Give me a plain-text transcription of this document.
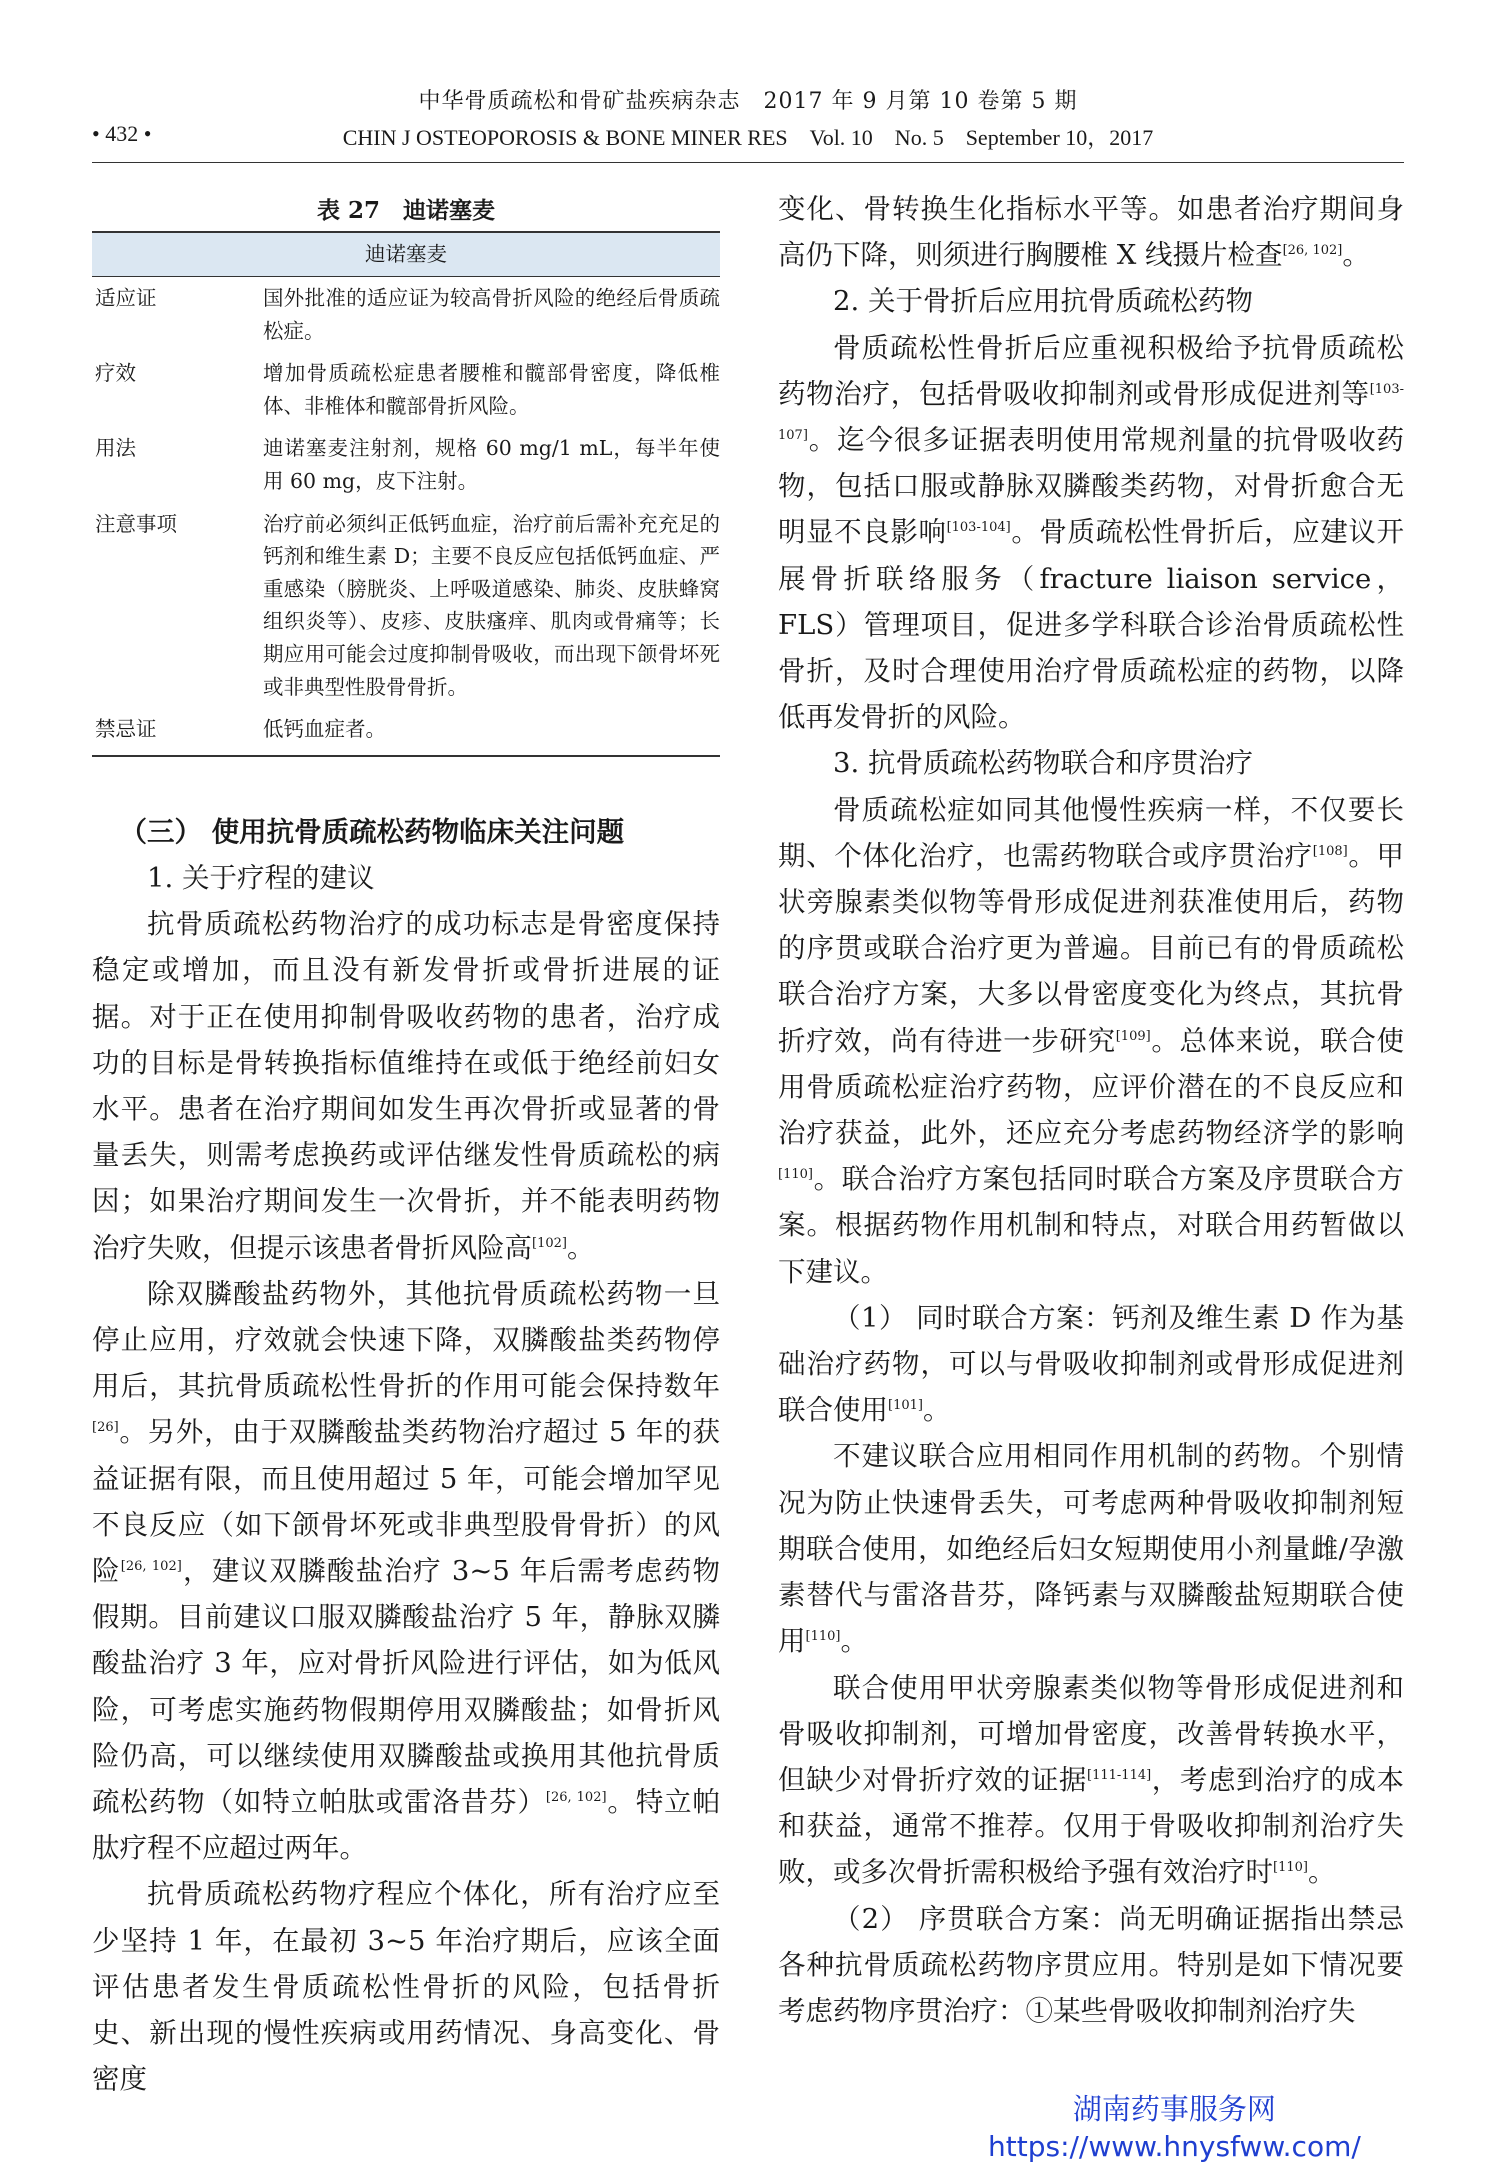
中华骨质疏松和骨矿盐疾病杂志　2017 年 9 月第 10 卷第 5 期
• 432 •	CHIN J OSTEOPOROSIS & BONE MINER RES　Vol. 10　No. 5　September 10，2017
表 27　迪诺塞麦
迪诺塞麦	
适应证	国外批准的适应证为较高骨折风险的绝经后骨质疏松症。
疗效	增加骨质疏松症患者腰椎和髋部骨密度，降低椎体、非椎体和髋部骨折风险。
用法	迪诺塞麦注射剂，规格 60 mg/1 mL，每半年使用 60 mg，皮下注射。
注意事项	治疗前必须纠正低钙血症，治疗前后需补充充足的钙剂和维生素 D；主要不良反应包括低钙血症、严重感染（膀胱炎、上呼吸道感染、肺炎、皮肤蜂窝组织炎等）、皮疹、皮肤瘙痒、肌肉或骨痛等；长期应用可能会过度抑制骨吸收，而出现下颌骨坏死或非典型性股骨骨折。
禁忌证	低钙血症者。

（三） 使用抗骨质疏松药物临床关注问题

1. 关于疗程的建议

抗骨质疏松药物治疗的成功标志是骨密度保持稳定或增加，而且没有新发骨折或骨折进展的证据。对于正在使用抑制骨吸收药物的患者，治疗成功的目标是骨转换指标值维持在或低于绝经前妇女水平。患者在治疗期间如发生再次骨折或显著的骨量丢失，则需考虑换药或评估继发性骨质疏松的病因；如果治疗期间发生一次骨折，并不能表明药物治疗失败，但提示该患者骨折风险高[102]。

除双膦酸盐药物外，其他抗骨质疏松药物一旦停止应用，疗效就会快速下降，双膦酸盐类药物停用后，其抗骨质疏松性骨折的作用可能会保持数年[26]。另外，由于双膦酸盐类药物治疗超过 5 年的获益证据有限，而且使用超过 5 年，可能会增加罕见不良反应（如下颌骨坏死或非典型股骨骨折）的风险[26, 102]，建议双膦酸盐治疗 3~5 年后需考虑药物假期。目前建议口服双膦酸盐治疗 5 年，静脉双膦酸盐治疗 3 年，应对骨折风险进行评估，如为低风险，可考虑实施药物假期停用双膦酸盐；如骨折风险仍高，可以继续使用双膦酸盐或换用其他抗骨质疏松药物（如特立帕肽或雷洛昔芬）[26, 102]。特立帕肽疗程不应超过两年。

抗骨质疏松药物疗程应个体化，所有治疗应至少坚持 1 年，在最初 3~5 年治疗期后，应该全面评估患者发生骨质疏松性骨折的风险，包括骨折史、新出现的慢性疾病或用药情况、身高变化、骨密度

变化、骨转换生化指标水平等。如患者治疗期间身高仍下降，则须进行胸腰椎 X 线摄片检查[26, 102]。

2. 关于骨折后应用抗骨质疏松药物

骨质疏松性骨折后应重视积极给予抗骨质疏松药物治疗，包括骨吸收抑制剂或骨形成促进剂等[103-107]。迄今很多证据表明使用常规剂量的抗骨吸收药物，包括口服或静脉双膦酸类药物，对骨折愈合无明显不良影响[103-104]。骨质疏松性骨折后，应建议开展骨折联络服务（fracture liaison service，FLS）管理项目，促进多学科联合诊治骨质疏松性骨折，及时合理使用治疗骨质疏松症的药物，以降低再发骨折的风险。

3. 抗骨质疏松药物联合和序贯治疗

骨质疏松症如同其他慢性疾病一样，不仅要长期、个体化治疗，也需药物联合或序贯治疗[108]。甲状旁腺素类似物等骨形成促进剂获准使用后，药物的序贯或联合治疗更为普遍。目前已有的骨质疏松联合治疗方案，大多以骨密度变化为终点，其抗骨折疗效，尚有待进一步研究[109]。总体来说，联合使用骨质疏松症治疗药物，应评价潜在的不良反应和治疗获益，此外，还应充分考虑药物经济学的影响[110]。联合治疗方案包括同时联合方案及序贯联合方案。根据药物作用机制和特点，对联合用药暂做以下建议。

（1） 同时联合方案：钙剂及维生素 D 作为基础治疗药物，可以与骨吸收抑制剂或骨形成促进剂联合使用[101]。

不建议联合应用相同作用机制的药物。个别情况为防止快速骨丢失，可考虑两种骨吸收抑制剂短期联合使用，如绝经后妇女短期使用小剂量雌/孕激素替代与雷洛昔芬，降钙素与双膦酸盐短期联合使用[110]。

联合使用甲状旁腺素类似物等骨形成促进剂和骨吸收抑制剂，可增加骨密度，改善骨转换水平，但缺少对骨折疗效的证据[111-114]，考虑到治疗的成本和获益，通常不推荐。仅用于骨吸收抑制剂治疗失败，或多次骨折需积极给予强有效治疗时[110]。

（2） 序贯联合方案：尚无明确证据指出禁忌各种抗骨质疏松药物序贯应用。特别是如下情况要考虑药物序贯治疗：①某些骨吸收抑制剂治疗失

湖南药事服务网
https://www.hnysfww.com/
